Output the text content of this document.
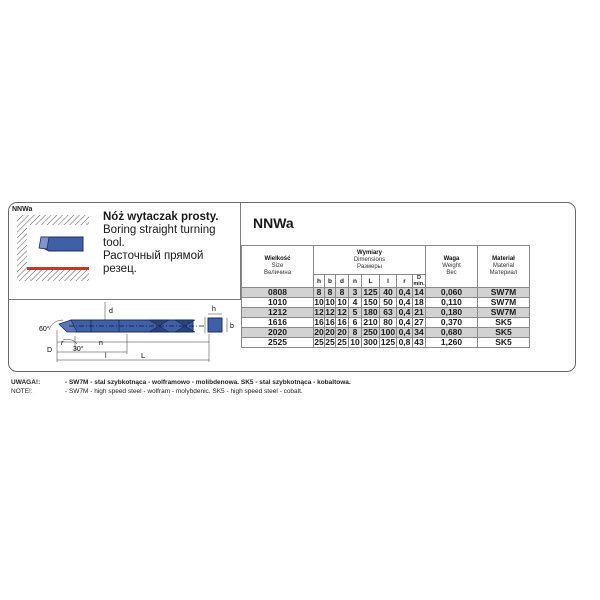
NNWa
Nóż wytaczak prosty.
Boring straight turning
tool.
Расточный прямой
резец.
60°
30°
r	n
l	L
D
d	h
b
NNWa
Wielkość
Size
Величина	Wymiary
Dimensions
Размеры								Waga
Weight
Вес	Materiał
Material
Материал
	h	b	d	n	L	l	r	D
min.		
0808	8	8	8	3	125	40	0,4	14	0,060	SW7M
1010	10	10	10	4	150	50	0,4	18	0,110	SW7M
1212	12	12	12	5	180	63	0,4	21	0,180	SW7M
1616	16	16	16	6	210	80	0,4	27	0,370	SK5
2020	20	20	20	8	250	100	0,4	34	0,680	SK5
2525	25	25	25	10	300	125	0,8	43	1,260	SK5
UWAGA!:	- SW7M - stal szybkotnąca - wolframowo - molibdenowa. SK5 - stal szybkotnąca - kobaltowa.
NOTE!:	- SW7M - high speed steel - wolfram - molybdenic. SK5 - high speed steel - cobalt.
